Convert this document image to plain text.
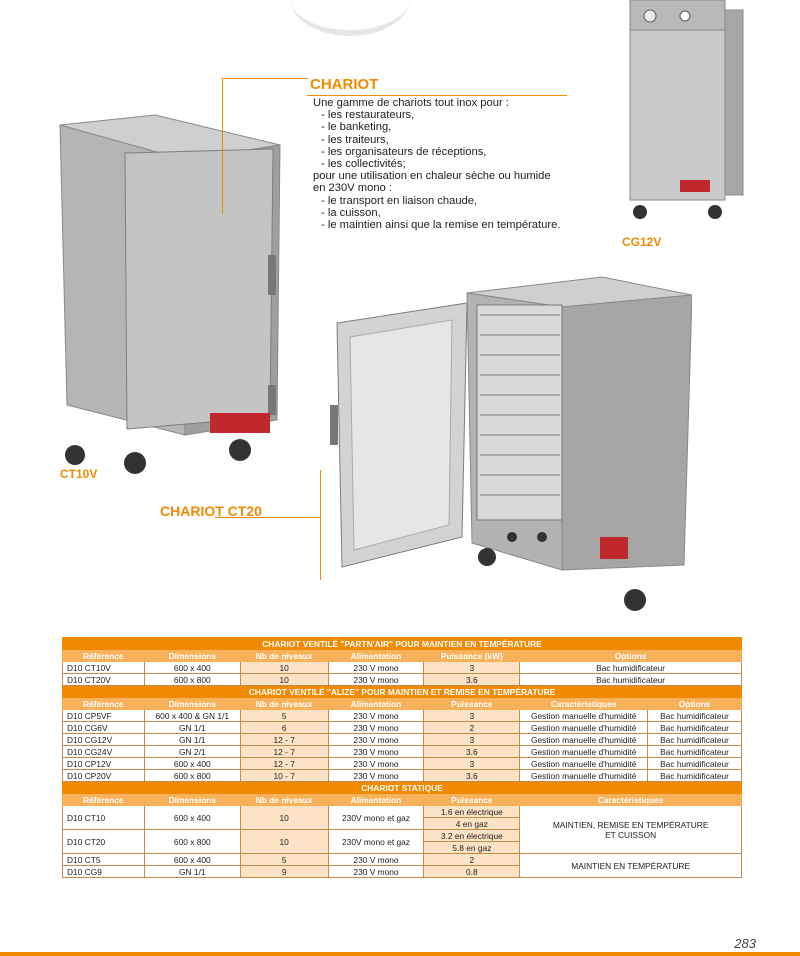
CT10V
CHARIOT
Une gamme de chariots tout inox pour :
- les restaurateurs,
- le banketing,
- les traiteurs,
- les organisateurs de réceptions,
- les collectivités;
pour une utilisation en chaleur sèche ou humide
en 230V mono :
- le transport en liaison chaude,
- la cuisson,
- le maintien ainsi que la remise en température.
CG12V
CHARIOT CT20
CHARIOT VENTILÉ "PARTN'AIR" POUR MAINTIEN EN TEMPÉRATURE						
Référence	Dimensions	Nb de niveaux	Alimentation	Puissance (kW)	Options	
D10 CT10V	600 x 400	10	230 V mono	3	Bac humidificateur	
D10 CT20V	600 x 800	10	230 V mono	3.6	Bac humidificateur	
CHARIOT VENTILÉ "ALIZE" POUR MAINTIEN ET REMISE EN TEMPÉRATURE						
Référence	Dimensions	Nb de niveaux	Alimentation	Puissance	Caractéristiques	Options
D10 CP5VF	600 x 400 & GN 1/1	5	230 V mono	3	Gestion manuelle d'humidité	Bac humidificateur
D10 CG6V	GN 1/1	6	230 V mono	2	Gestion manuelle d'humidité	Bac humidificateur
D10 CG12V	GN 1/1	12 - 7	230 V mono	3	Gestion manuelle d'humidité	Bac humidificateur
D10 CG24V	GN 2/1	12 - 7	230 V mono	3.6	Gestion manuelle d'humidité	Bac humidificateur
D10 CP12V	600 x 400	12 - 7	230 V mono	3	Gestion manuelle d'humidité	Bac humidificateur
D10 CP20V	600 x 800	10 - 7	230 V mono	3.6	Gestion manuelle d'humidité	Bac humidificateur
CHARIOT STATIQUE						
Référence	Dimensions	Nb de niveaux	Alimentation	Puissance	Caractéristiques	
D10 CT10	600 x 400	10	230V mono et gaz	1.6 en électrique	MAINTIEN, REMISE EN TEMPÉRATURE
ET CUISSON	

				4 en gaz		
D10 CT20	600 x 800	10	230V mono et gaz	3.2 en électrique		
				5.8 en gaz		
D10 CT5	600 x 400	5	230 V mono	2	MAINTIEN EN TEMPÉRATURE	
D10 CG9	GN 1/1	9	230 V mono	0.8		
283
